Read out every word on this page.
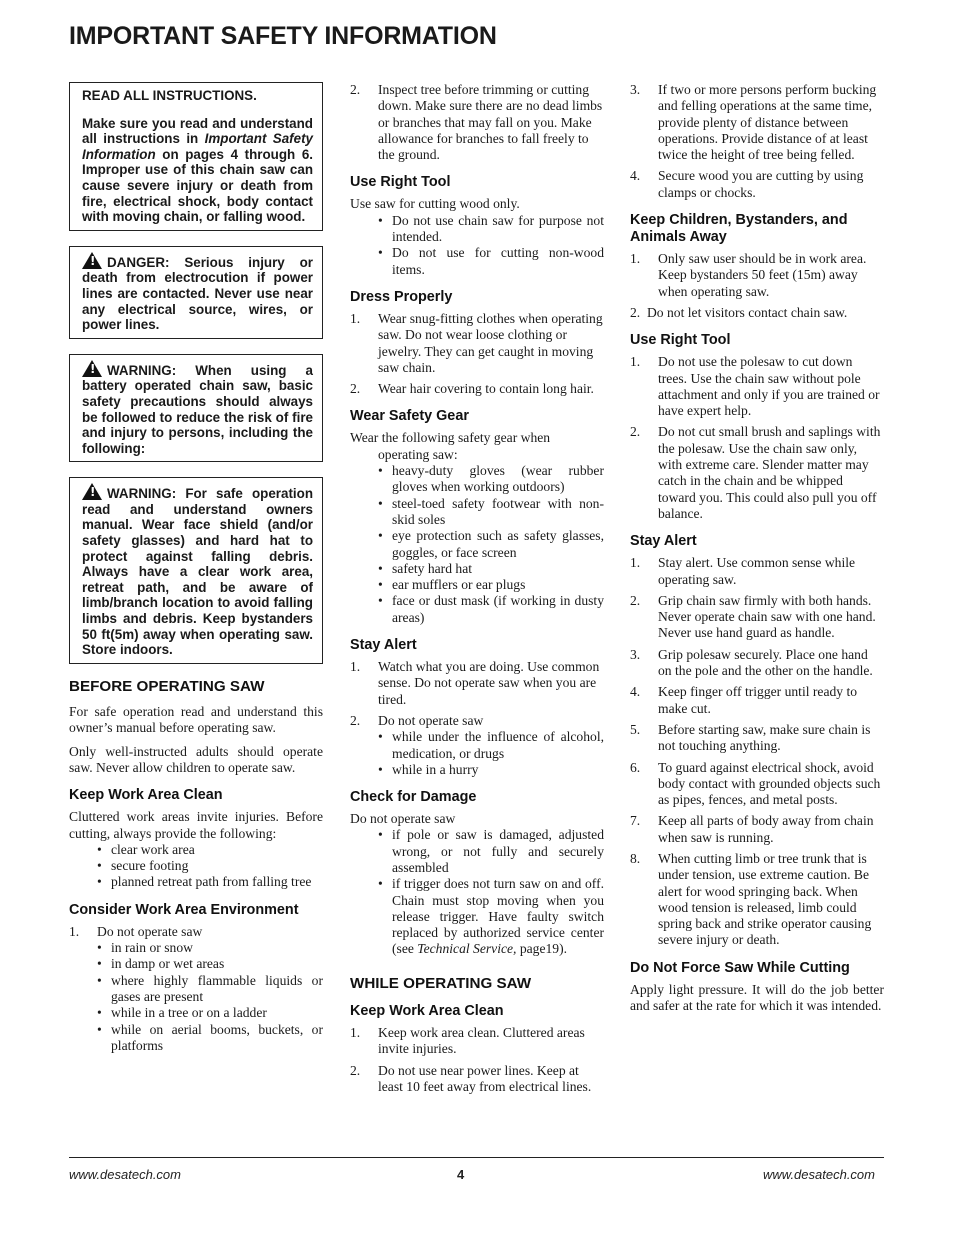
IMPORTANT SAFETY INFORMATION

READ ALL INSTRUCTIONS.

Make sure you read and understand all instructions in Important Safety Information on pages 4 through 6. Improper use of this chain saw can cause severe injury or death from fire, electrical shock, body contact with moving chain, or falling wood.

!DANGER: Serious injury or death from electrocution if power lines are contacted. Never use near any electrical source, wires, or power lines.

!WARNING: When using a battery operated chain saw, basic safety precautions should always be followed to reduce the risk of fire and injury to persons, including the following:

!WARNING: For safe operation read and understand owners manual. Wear face shield (and/or safety glasses) and hard hat to protect against falling debris. Always have a clear work area, retreat path, and be aware of limb/branch location to avoid falling limbs and debris. Keep bystanders 50 ft(5m) away when operating saw. Store indoors.

BEFORE OPERATING SAW

For safe operation read and understand this owner’s manual before operating saw.

Only well-instructed adults should operate saw. Never allow children to operate saw.

Keep Work Area Clean

Cluttered work areas invite injuries. Before cutting, always provide the following:

• clear work area
• secure footing
• planned retreat path from falling tree
Consider Work Area Environment
1. Do not operate saw
• in rain or snow
• in damp or wet areas
• where highly flammable liquids or gases are present
• while in a tree or on a ladder
• while on aerial booms, buckets, or platforms
2. Inspect tree before trimming or cutting down. Make sure there are no dead limbs or branches that may fall on you. Make allowance for branches to fall freely to the ground.
Use Right Tool

Use saw for cutting wood only.

• Do not use chain saw for purpose not intended.
• Do not use for cutting non-wood items.
Dress Properly
1. Wear snug-fitting clothes when operating saw. Do not wear loose clothing or jewelry. They can get caught in moving saw chain.
2. Wear hair covering to contain long hair.
Wear Safety Gear

Wear the following safety gear when operating saw:

• heavy-duty gloves (wear rubber gloves when working outdoors)
• steel-toed safety footwear with non-skid soles
• eye protection such as safety glasses, goggles, or face screen
• safety hard hat
• ear mufflers or ear plugs
• face or dust mask (if working in dusty areas)
Stay Alert
1. Watch what you are doing. Use common sense. Do not operate saw when you are tired.
2. Do not operate saw
• while under the influence of alcohol, medication, or drugs
• while in a hurry
Check for Damage

Do not operate saw

• if pole or saw is damaged, adjusted wrong, or not fully and securely assembled
• if trigger does not turn saw on and off. Chain must stop moving when you release trigger. Have faulty switch replaced by authorized service center (see Technical Service, page19).
WHILE OPERATING SAW
Keep Work Area Clean
1. Keep work area clean. Cluttered areas invite injuries.
2. Do not use near power lines. Keep at least 10 feet away from electrical lines.
3. If two or more persons perform bucking and felling operations at the same time, provide plenty of distance between operations. Provide distance of at least twice the height of tree being felled.
4. Secure wood you are cutting by using clamps or chocks.
Keep Children, Bystanders, and Animals Away
1. Only saw user should be in work area. Keep bystanders 50 feet (15m) away when operating saw.

2.  Do not let visitors contact chain saw.

Use Right Tool
1. Do not use the polesaw to cut down trees. Use the chain saw without pole attachment and only if you are trained or have expert help.
2. Do not cut small brush and saplings with the polesaw. Use the chain saw only, with extreme care. Slender matter may catch in the chain and be whipped toward you. This could also pull you off balance.
Stay Alert
1. Stay alert. Use common sense while operating saw.
2. Grip chain saw firmly with both hands. Never operate chain saw with one hand. Never use hand guard as handle.
3. Grip polesaw securely. Place one hand on the pole and the other on the handle.
4. Keep finger off trigger until ready to make cut.
5. Before starting saw, make sure chain is not touching anything.
6. To guard against electrical shock, avoid body contact with grounded objects such as pipes, fences, and metal posts.
7. Keep all parts of body away from chain when saw is running.
8. When cutting limb or tree trunk that is under tension, use extreme caution. Be alert for wood springing back. When wood tension is released, limb could spring back and strike operator causing severe injury or death.
Do Not Force Saw While Cutting

Apply light pressure. It will do the job better and safer at the rate for which it was intended.

www.desatech.com	4	www.desatech.com
